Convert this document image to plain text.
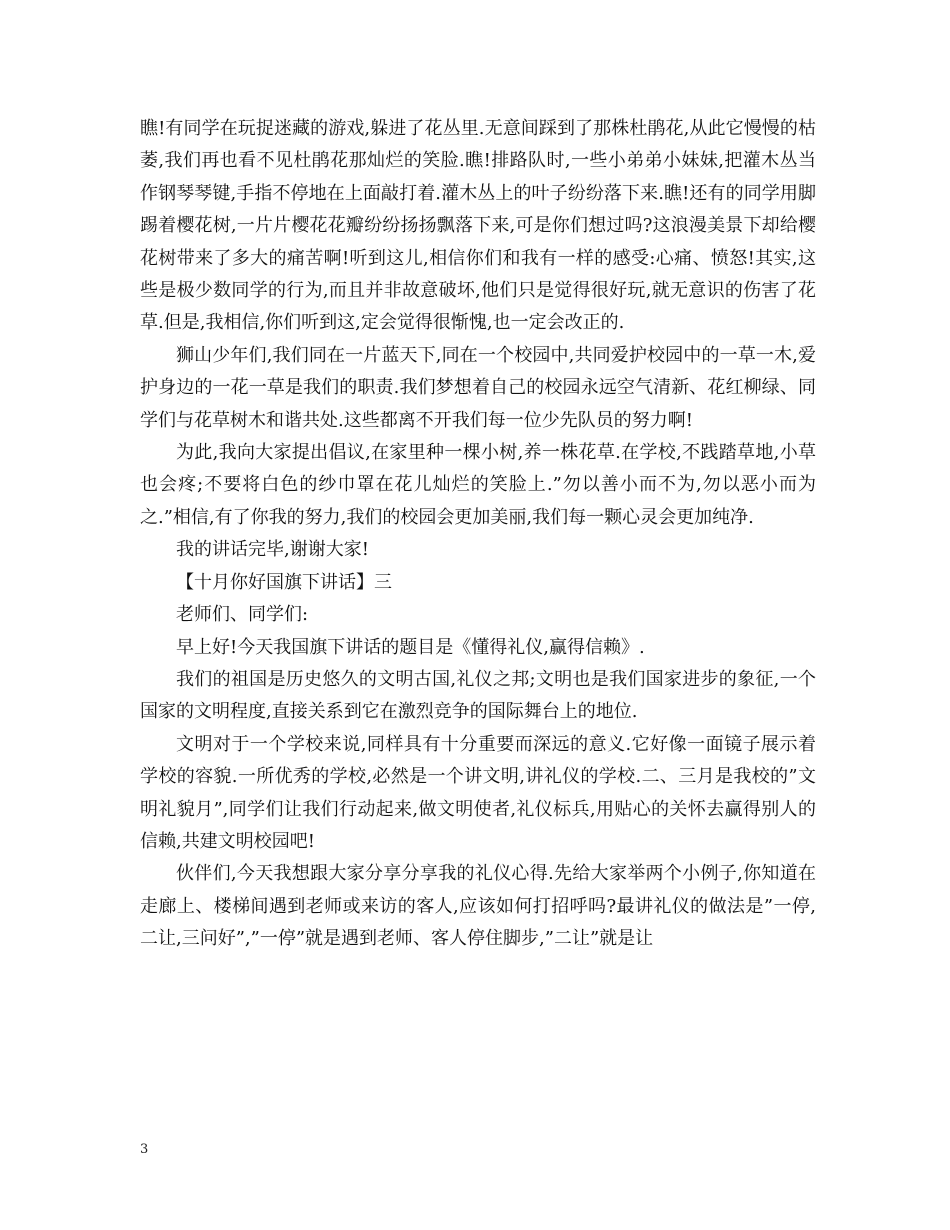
瞧!有同学在玩捉迷藏的游戏,躲进了花丛里.无意间踩到了那株杜鹃花,从此它慢慢的枯萎,我们再也看不见杜鹃花那灿烂的笑脸.瞧!排路队时,一些小弟弟小妹妹,把灌木丛当作钢琴琴键,手指不停地在上面敲打着.灌木丛上的叶子纷纷落下来.瞧!还有的同学用脚踢着樱花树,一片片樱花花瓣纷纷扬扬飘落下来,可是你们想过吗?这浪漫美景下却给樱花树带来了多大的痛苦啊!听到这儿,相信你们和我有一样的感受:心痛、愤怒!其实,这些是极少数同学的行为,而且并非故意破坏,他们只是觉得很好玩,就无意识的伤害了花草.但是,我相信,你们听到这,定会觉得很惭愧,也一定会改正的.

狮山少年们,我们同在一片蓝天下,同在一个校园中,共同爱护校园中的一草一木,爱护身边的一花一草是我们的职责.我们梦想着自己的校园永远空气清新、花红柳绿、同学们与花草树木和谐共处.这些都离不开我们每一位少先队员的努力啊!

为此,我向大家提出倡议,在家里种一棵小树,养一株花草.在学校,不践踏草地,小草也会疼;不要将白色的纱巾罩在花儿灿烂的笑脸上.”勿以善小而不为,勿以恶小而为之.”相信,有了你我的努力,我们的校园会更加美丽,我们每一颗心灵会更加纯净.

我的讲话完毕,谢谢大家!

【十月你好国旗下讲话】三

老师们、同学们:

早上好!今天我国旗下讲话的题目是《懂得礼仪,赢得信赖》.

我们的祖国是历史悠久的文明古国,礼仪之邦;文明也是我们国家进步的象征,一个国家的文明程度,直接关系到它在激烈竞争的国际舞台上的地位.

文明对于一个学校来说,同样具有十分重要而深远的意义.它好像一面镜子展示着学校的容貌.一所优秀的学校,必然是一个讲文明,讲礼仪的学校.二、三月是我校的”文明礼貌月”,同学们让我们行动起来,做文明使者,礼仪标兵,用贴心的关怀去赢得别人的信赖,共建文明校园吧!

伙伴们,今天我想跟大家分享分享我的礼仪心得.先给大家举两个小例子,你知道在走廊上、楼梯间遇到老师或来访的客人,应该如何打招呼吗?最讲礼仪的做法是”一停,二让,三问好”,”一停”就是遇到老师、客人停住脚步,”二让”就是让

3
